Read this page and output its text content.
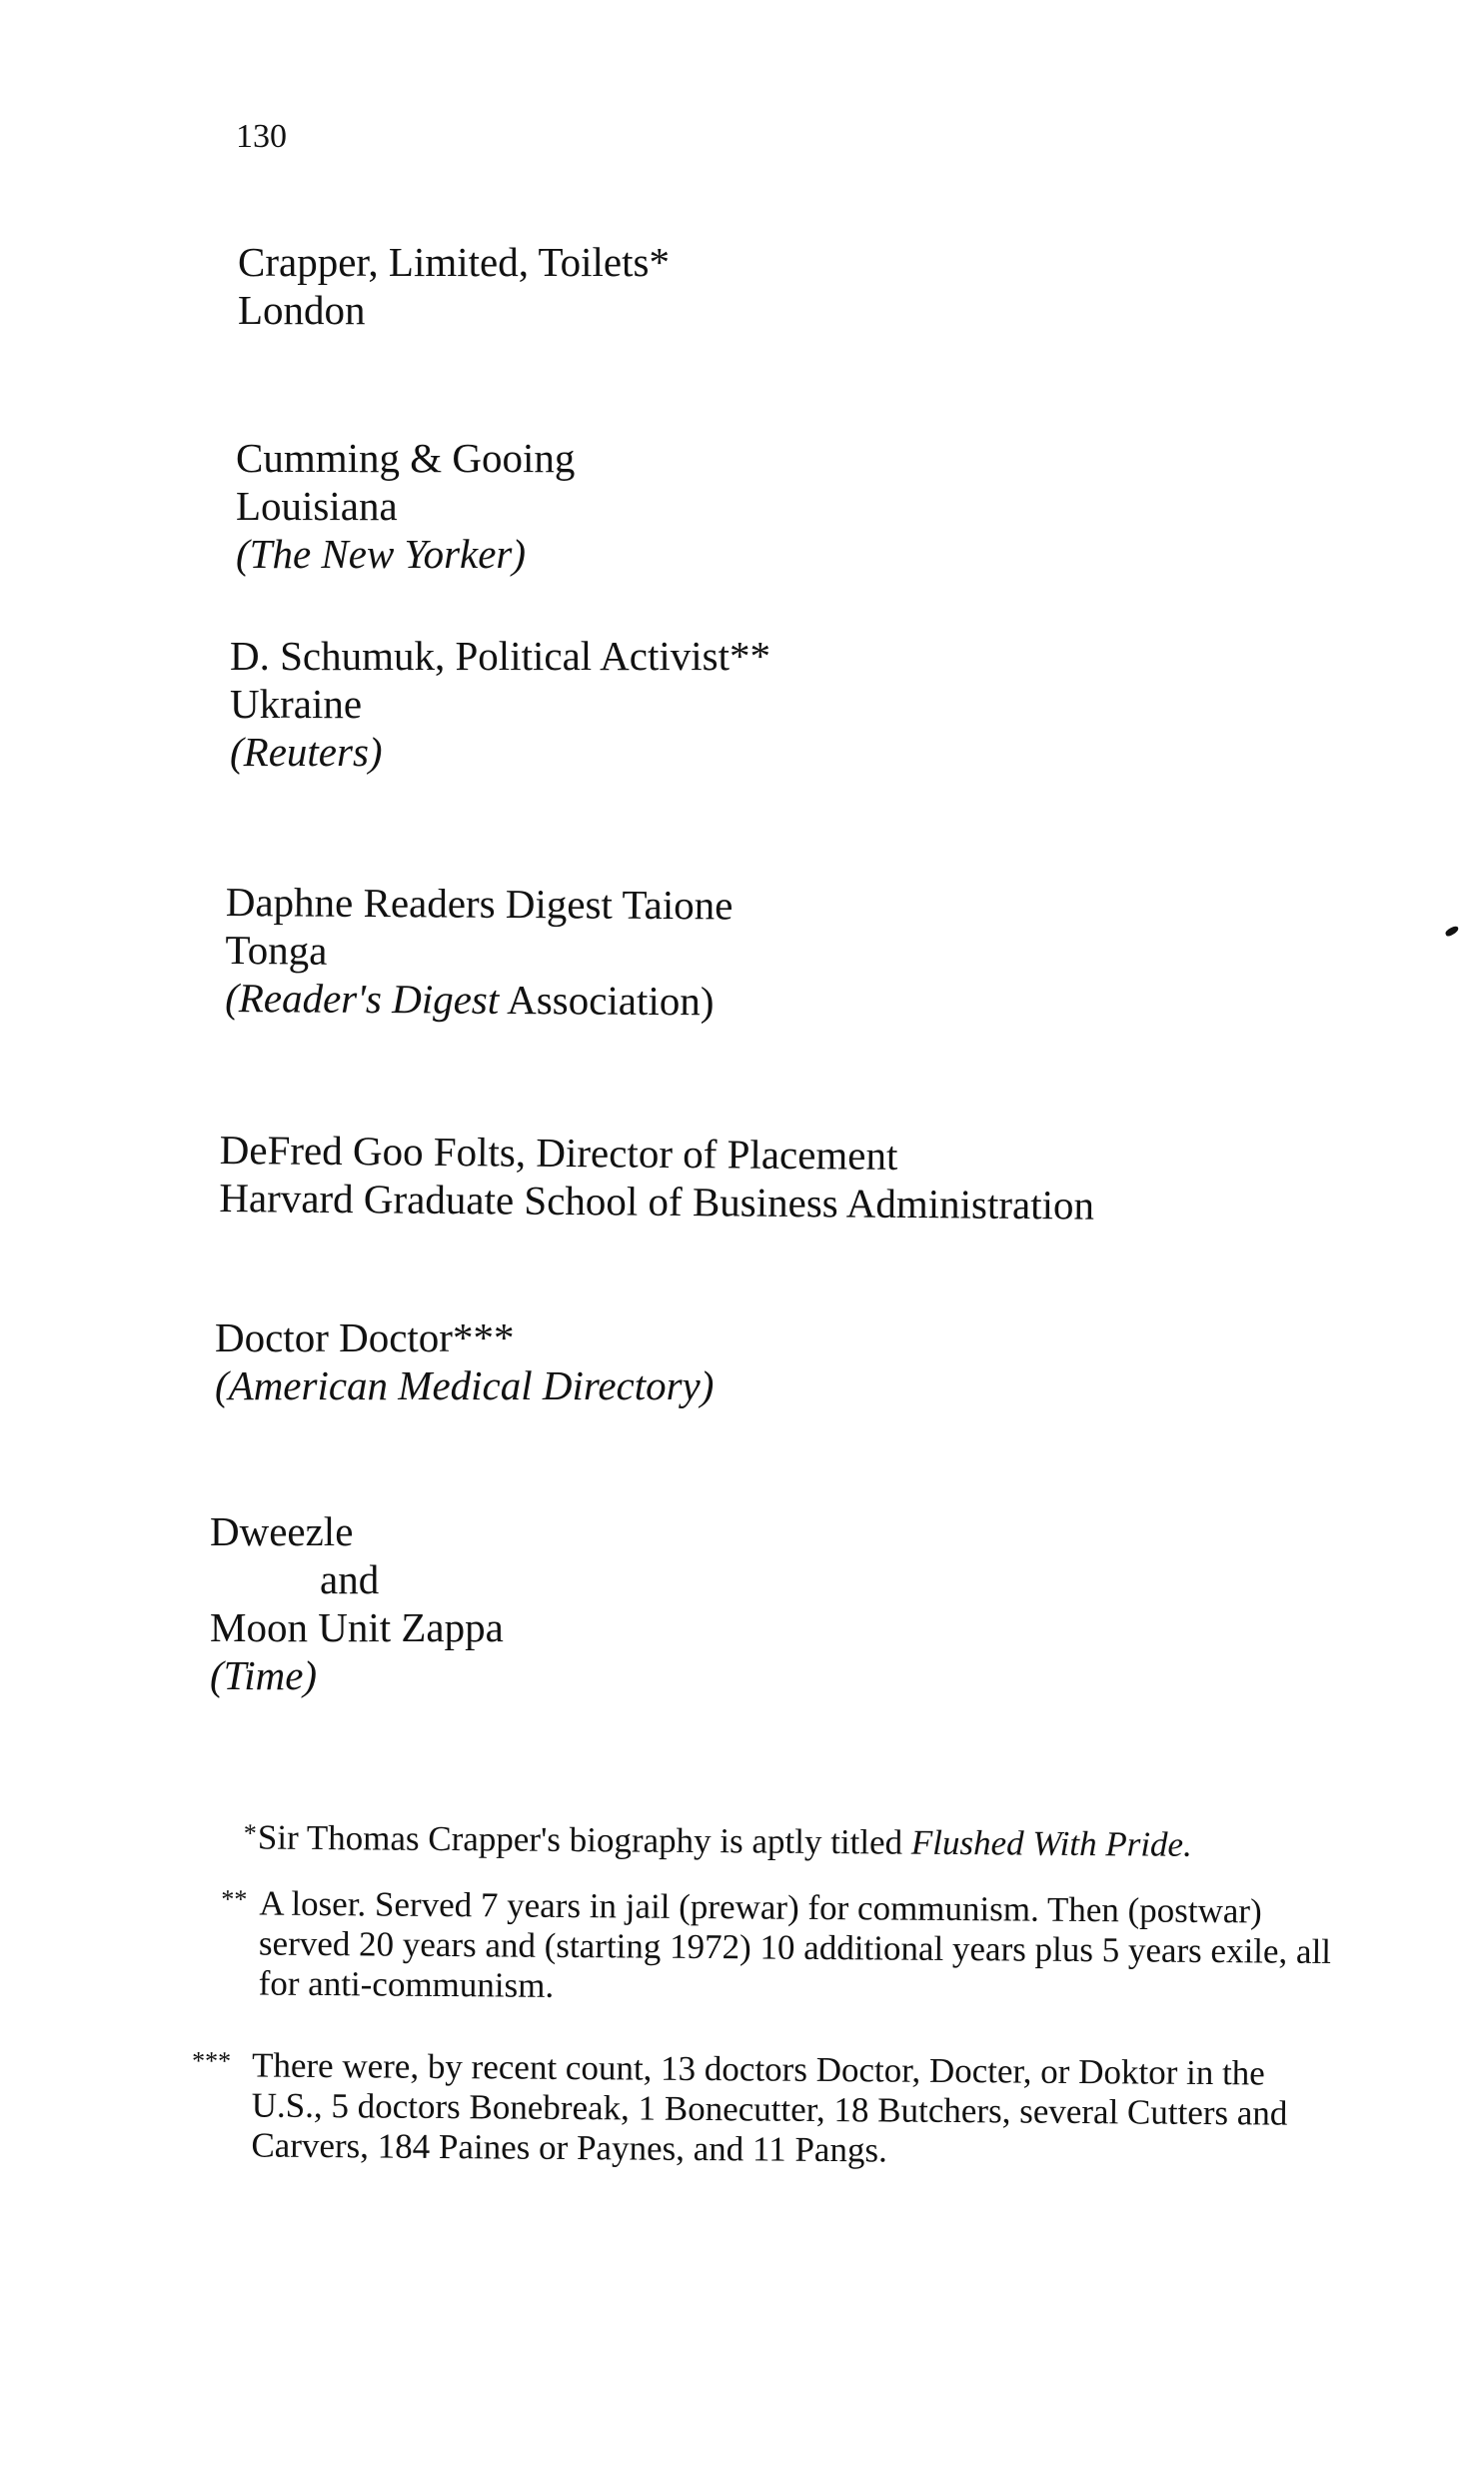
130
Crapper, Limited, Toilets*
London
Cumming & Gooing
Louisiana
(The New Yorker)
D. Schumuk, Political Activist**
Ukraine
(Reuters)
Daphne Readers Digest Taione
Tonga
(Reader's Digest Association)
DeFred Goo Folts, Director of Placement
Harvard Graduate School of Business Administration
Doctor Doctor***
(American Medical Directory)
Dweezle
and
Moon Unit Zappa
(Time)
* Sir Thomas Crapper's biography is aptly titled Flushed With Pride.
** A loser. Served 7 years in jail (prewar) for communism. Then (postwar) served 20 years and (starting 1972) 10 additional years plus 5 years exile, all for anti-communism.
*** There were, by recent count, 13 doctors Doctor, Docter, or Doktor in the U.S., 5 doctors Bonebreak, 1 Bonecutter, 18 Butchers, several Cutters and Carvers, 184 Paines or Paynes, and 11 Pangs.
